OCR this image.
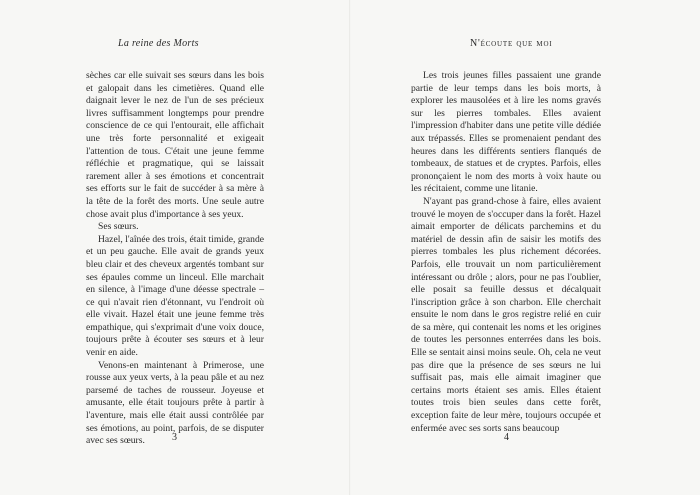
La reine des Morts

sèches car elle suivait ses sœurs dans les bois et galopait dans les cimetières. Quand elle daignait lever le nez de l'un de ses précieux livres suffisamment longtemps pour prendre conscience de ce qui l'entourait, elle affichait une très forte personnalité et exigeait l'attention de tous. C'était une jeune femme réfléchie et pragmatique, qui se laissait rarement aller à ses émotions et concentrait ses efforts sur le fait de succéder à sa mère à la tête de la forêt des morts. Une seule autre chose avait plus d'importance à ses yeux.

Ses sœurs.

Hazel, l'aînée des trois, était timide, grande et un peu gauche. Elle avait de grands yeux bleu clair et des cheveux argentés tombant sur ses épaules comme un linceul. Elle marchait en silence, à l'image d'une déesse spectrale – ce qui n'avait rien d'étonnant, vu l'endroit où elle vivait. Hazel était une jeune femme très empathique, qui s'exprimait d'une voix douce, toujours prête à écouter ses sœurs et à leur venir en aide.

Venons-en maintenant à Primerose, une rousse aux yeux verts, à la peau pâle et au nez parsemé de taches de rousseur. Joyeuse et amusante, elle était toujours prête à partir à l'aventure, mais elle était aussi contrôlée par ses émotions, au point, parfois, de se disputer avec ses sœurs.	3
N'écoute que moi

Les trois jeunes filles passaient une grande partie de leur temps dans les bois morts, à explorer les mausolées et à lire les noms gravés sur les pierres tombales. Elles avaient l'impression d'habiter dans une petite ville dédiée aux trépassés. Elles se promenaient pendant des heures dans les différents sentiers flanqués de tombeaux, de statues et de cryptes. Parfois, elles prononçaient le nom des morts à voix haute ou les récitaient, comme une litanie.

N'ayant pas grand-chose à faire, elles avaient trouvé le moyen de s'occuper dans la forêt. Hazel aimait emporter de délicats parchemins et du matériel de dessin afin de saisir les motifs des pierres tombales les plus richement décorées. Parfois, elle trouvait un nom particulièrement intéressant ou drôle ; alors, pour ne pas l'oublier, elle posait sa feuille dessus et décalquait l'inscription grâce à son charbon. Elle cherchait ensuite le nom dans le gros registre relié en cuir de sa mère, qui contenait les noms et les origines de toutes les personnes enterrées dans les bois. Elle se sentait ainsi moins seule. Oh, cela ne veut pas dire que la présence de ses sœurs ne lui suffisait pas, mais elle aimait imaginer que certains morts étaient ses amis. Elles étaient toutes trois bien seules dans cette forêt, exception faite de leur mère, toujours occupée et enfermée avec ses sorts sans beaucoup

4
